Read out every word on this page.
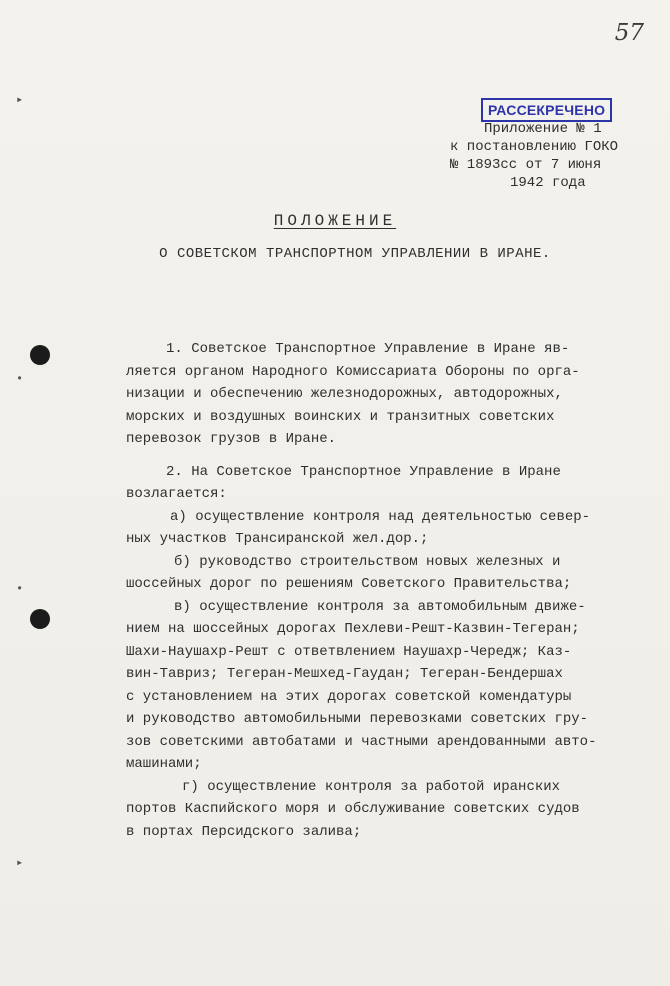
57
РАССЕКРЕЧЕНО
Приложение № 1
к постановлению ГОКО
№ 1893сс от 7 июня
1942 года
ПОЛОЖЕНИЕ
О СОВЕТСКОМ ТРАНСПОРТНОМ УПРАВЛЕНИИ В ИРАНЕ.
1. Советское Транспортное Управление в Иране яв-
ляется органом Народного Комиссариата Обороны по орга-
низации и обеспечению железнодорожных, автодорожных,
морских и воздушных воинских и транзитных советских
перевозок грузов в Иране.
2. На Советское Транспортное Управление в Иране
возлагается:
а) осуществление контроля над деятельностью север-
ных участков Трансиранской жел.дор.;
б) руководство строительством новых железных и
шоссейных дорог по решениям Советского Правительства;
в) осуществление контроля за автомобильным движе-
нием на шоссейных дорогах Пехлеви-Решт-Казвин-Тегеран;
Шахи-Наушахр-Решт с ответвлением Наушахр-Чередж; Каз-
вин-Тавриз; Тегеран-Мешхед-Гаудан; Тегеран-Бендершах
с установлением на этих дорогах советской комендатуры
и руководство автомобильными перевозками советских гру-
зов советскими автобатами и частными арендованными авто-
машинами;
г) осуществление контроля за работой иранских
портов Каспийского моря и обслуживание советских судов
в портах Персидского залива;
▸
•
•
▸
